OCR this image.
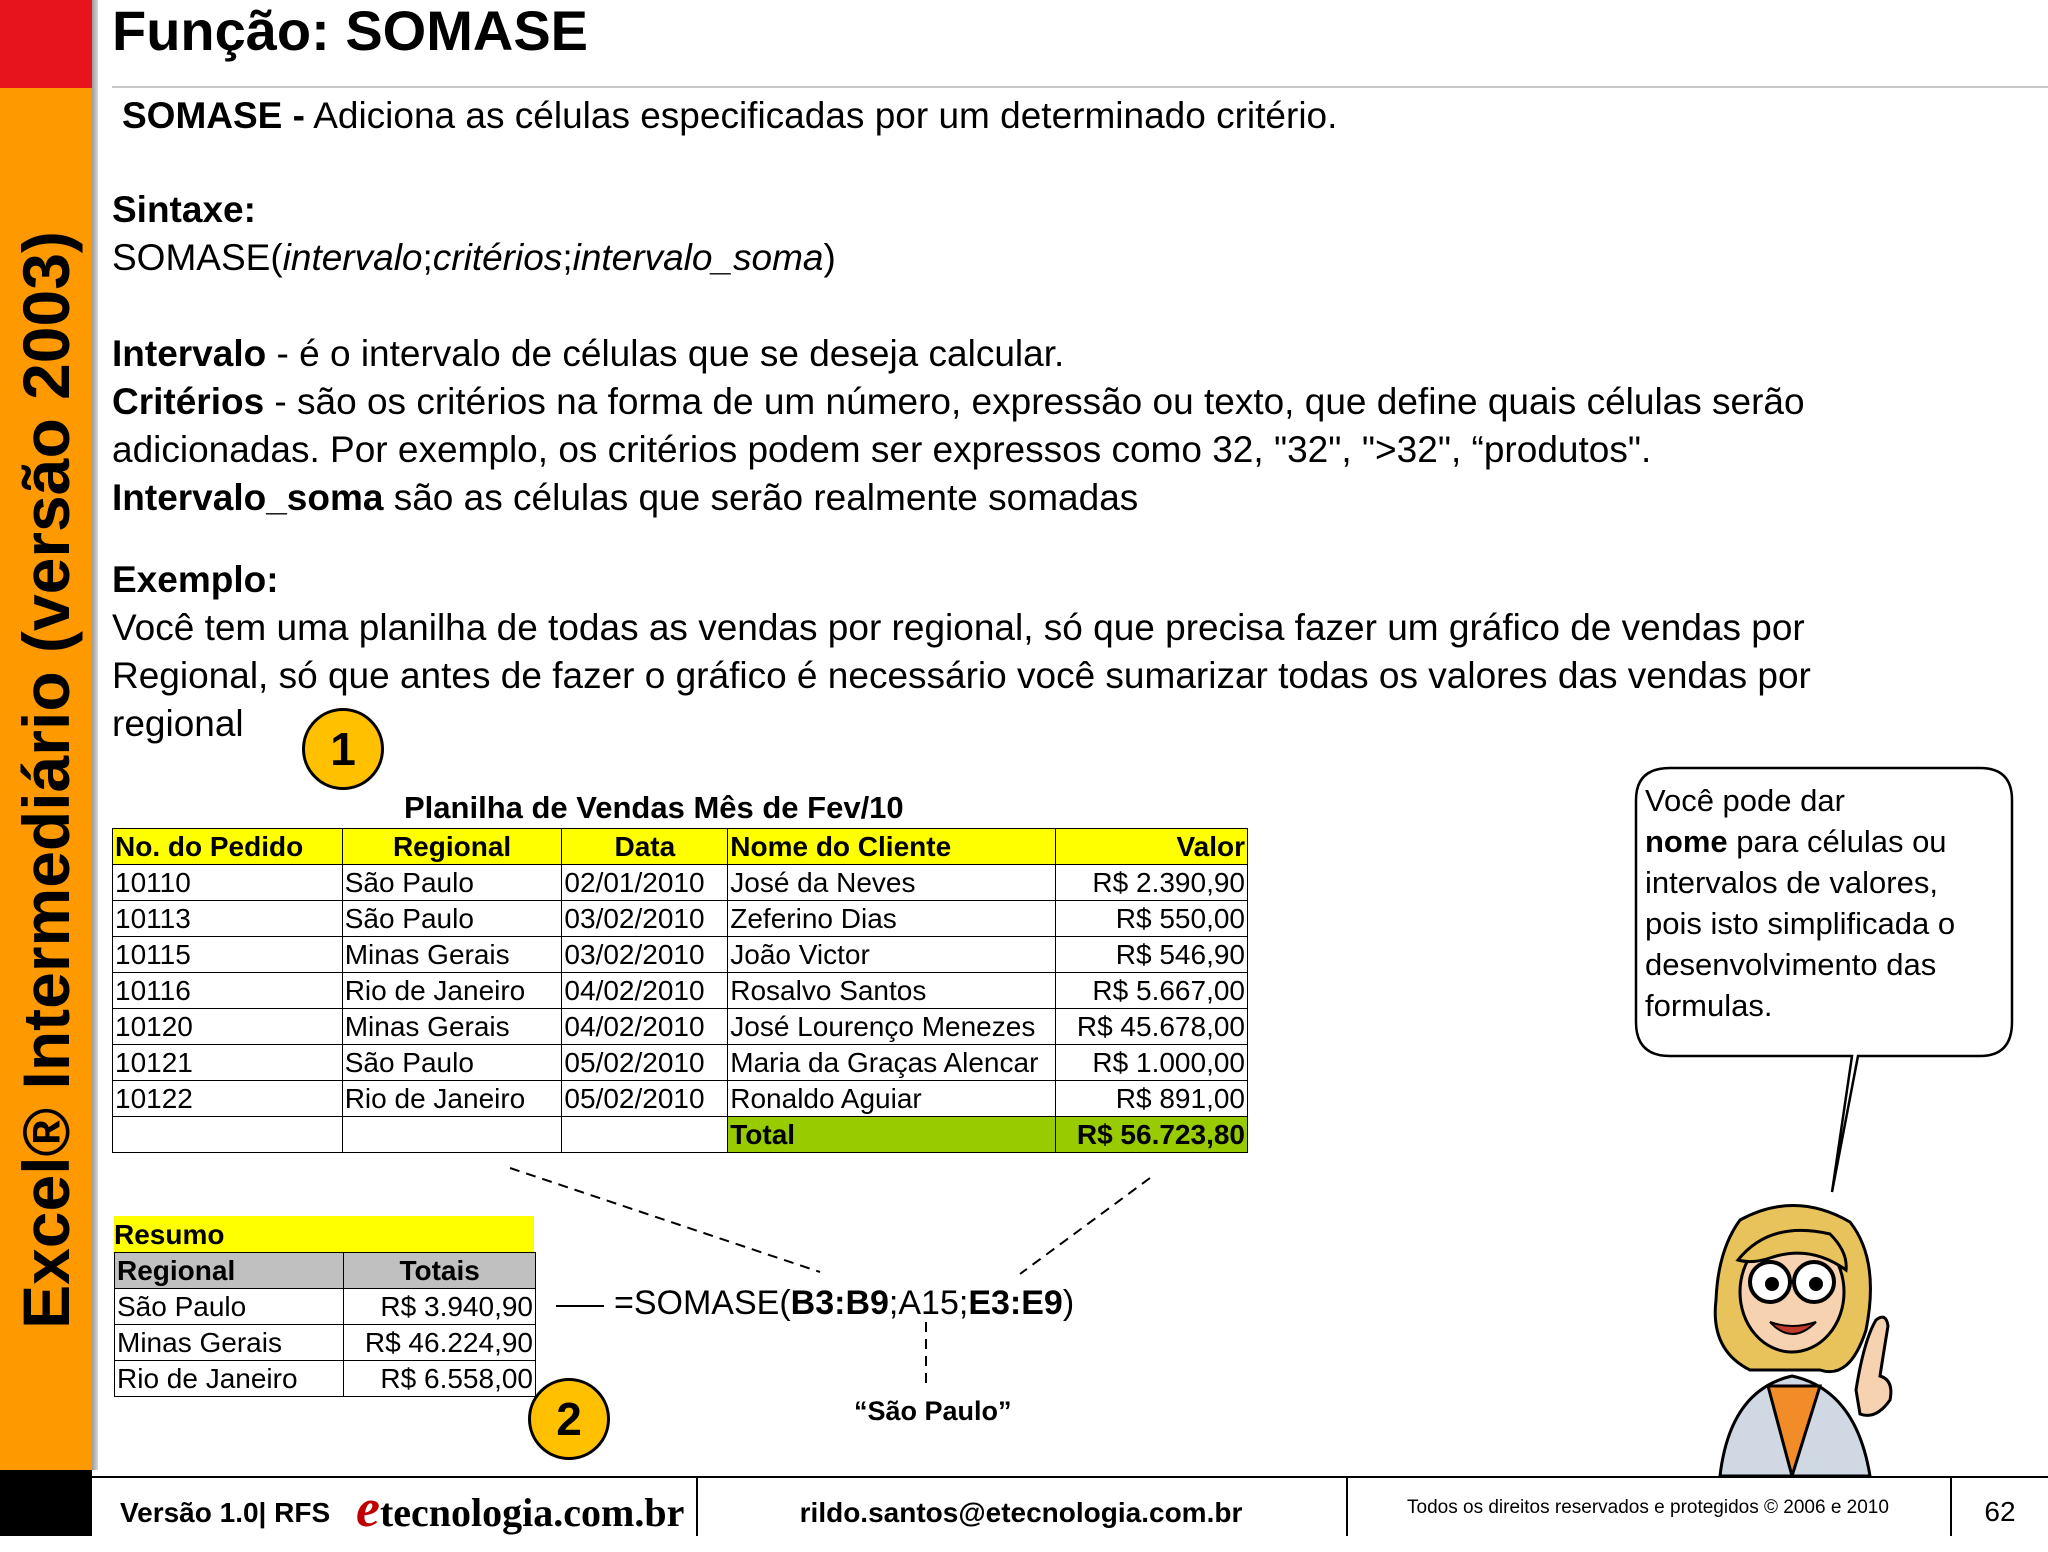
Excel® Intermediário (versão 2003)
Função: SOMASE
SOMASE - Adiciona as células especificadas por um determinado critério.
Sintaxe:
SOMASE(intervalo;critérios;intervalo_soma)
Intervalo - é o intervalo de células que se deseja calcular.
Critérios - são os critérios na forma de um número, expressão ou texto, que define quais células serão
adicionadas. Por exemplo, os critérios podem ser expressos como 32, "32", ">32", “produtos".
Intervalo_soma são as células que serão realmente somadas
Exemplo:
Você tem uma planilha de todas as vendas por regional, só que precisa fazer um gráfico de vendas por
Regional, só que antes de fazer o gráfico é necessário você sumarizar todas os valores das vendas por
regional	1
Planilha de Vendas Mês de Fev/10
No. do Pedido	Regional	Data	Nome do Cliente	Valor
10110	São Paulo	02/01/2010	José da Neves	R$ 2.390,90
10113	São Paulo	03/02/2010	Zeferino Dias	R$ 550,00
10115	Minas Gerais	03/02/2010	João Victor	R$ 546,90
10116	Rio de Janeiro	04/02/2010	Rosalvo Santos	R$ 5.667,00
10120	Minas Gerais	04/02/2010	José Lourenço Menezes	R$ 45.678,00
10121	São Paulo	05/02/2010	Maria da Graças Alencar	R$ 1.000,00
10122	Rio de Janeiro	05/02/2010	Ronaldo Aguiar	R$ 891,00
			Total	R$ 56.723,80
Resumo
Regional	Totais
São Paulo	R$ 3.940,90
Minas Gerais	R$ 46.224,90
Rio de Janeiro	R$ 6.558,00
2
=SOMASE(B3:B9;A15;E3:E9)
“São Paulo”
Você pode dar
nome para células ou
intervalos de valores,
pois isto simplificada o
desenvolvimento das
formulas.
Versão 1.0| RFS etecnologia.com.br	rildo.santos@etecnologia.com.br	Todos os direitos reservados e protegidos © 2006 e 2010	62
